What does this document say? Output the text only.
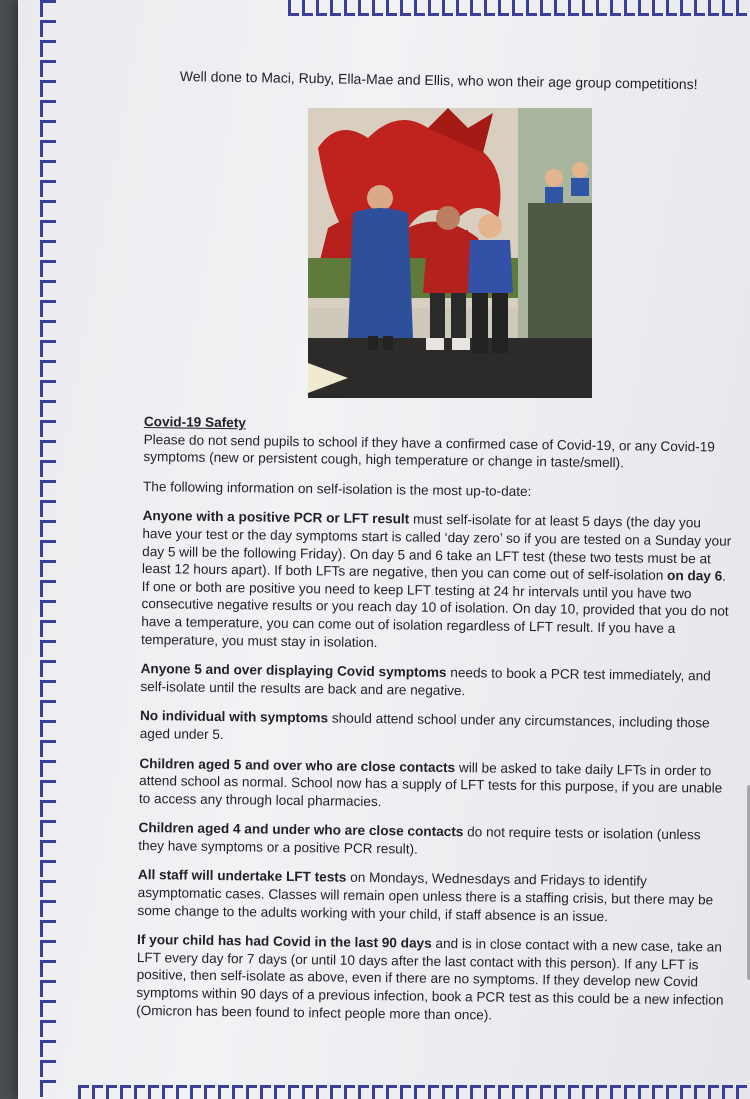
Well done to Maci, Ruby, Ella-Mae and Ellis, who won their age group competitions!

Covid-19 Safety
Please do not send pupils to school if they have a confirmed case of Covid-19, or any Covid-19 symptoms (new or persistent cough, high temperature or change in taste/smell).

The following information on self-isolation is the most up-to-date:

Anyone with a positive PCR or LFT result must self-isolate for at least 5 days (the day you have your test or the day symptoms start is called ‘day zero’ so if you are tested on a Sunday your day 5 will be the following Friday). On day 5 and 6 take an LFT test (these two tests must be at least 12 hours apart). If both LFTs are negative, then you can come out of self-isolation on day 6. If one or both are positive you need to keep LFT testing at 24 hr intervals until you have two consecutive negative results or you reach day 10 of isolation. On day 10, provided that you do not have a temperature, you can come out of isolation regardless of LFT result. If you have a temperature, you must stay in isolation.

Anyone 5 and over displaying Covid symptoms needs to book a PCR test immediately, and self-isolate until the results are back and are negative.

No individual with symptoms should attend school under any circumstances, including those aged under 5.

Children aged 5 and over who are close contacts will be asked to take daily LFTs in order to attend school as normal. School now has a supply of LFT tests for this purpose, if you are unable to access any through local pharmacies.

Children aged 4 and under who are close contacts do not require tests or isolation (unless they have symptoms or a positive PCR result).

All staff will undertake LFT tests on Mondays, Wednesdays and Fridays to identify asymptomatic cases. Classes will remain open unless there is a staffing crisis, but there may be some change to the adults working with your child, if staff absence is an issue.

If your child has had Covid in the last 90 days and is in close contact with a new case, take an LFT every day for 7 days (or until 10 days after the last contact with this person). If any LFT is positive, then self-isolate as above, even if there are no symptoms. If they develop new Covid symptoms within 90 days of a previous infection, book a PCR test as this could be a new infection (Omicron has been found to infect people more than once).
